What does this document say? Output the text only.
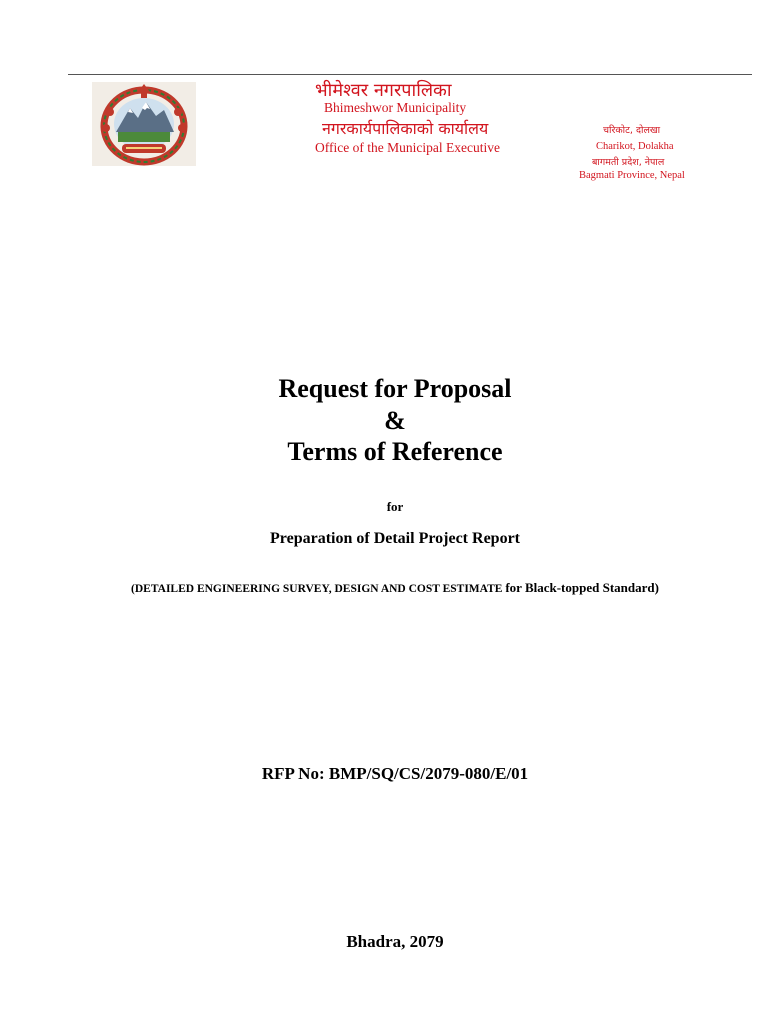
भीमेश्वर नगरपालिका
Bhimeshwor Municipality
नगरकार्यपालिकाको कार्यालय
Office of the Municipal Executive
चरिकोट, दोलखा
Charikot, Dolakha
बागमती प्रदेश, नेपाल
Bagmati Province, Nepal
Request for Proposal
&
Terms of Reference
for
Preparation of Detail Project Report
(DETAILED ENGINEERING SURVEY, DESIGN AND COST ESTIMATE for Black-topped Standard)
RFP No: BMP/SQ/CS/2079-080/E/01
Bhadra, 2079
